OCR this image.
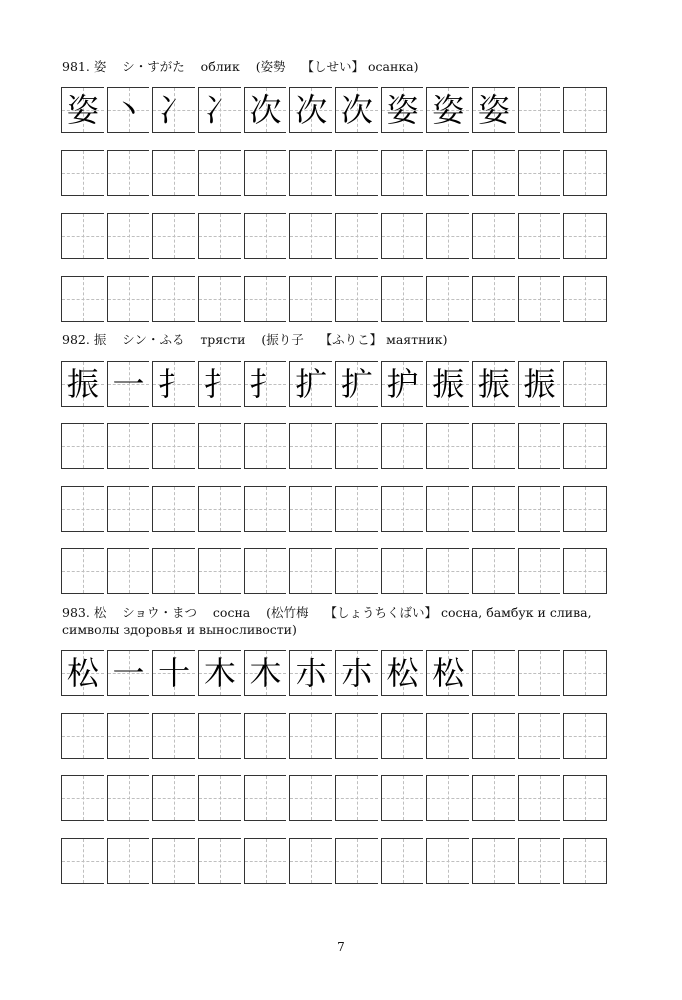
981. 姿 シ・すがた облик (姿勢 【しせい】 осанка)
姿 丶 冫 冫 次 次 次 姿 姿 姿
982. 振 シン・ふる трясти (振り子 【ふりこ】 маятник)
振 一 扌 扌 扌 扩 扩 护 振 振 振
983. 松 ショウ・まつ сосна (松竹梅 【しょうちくばい】 сосна, бамбук и слива, символы здоровья и выносливости)
松 一 十 木 木 朩 朩 松 松
7
